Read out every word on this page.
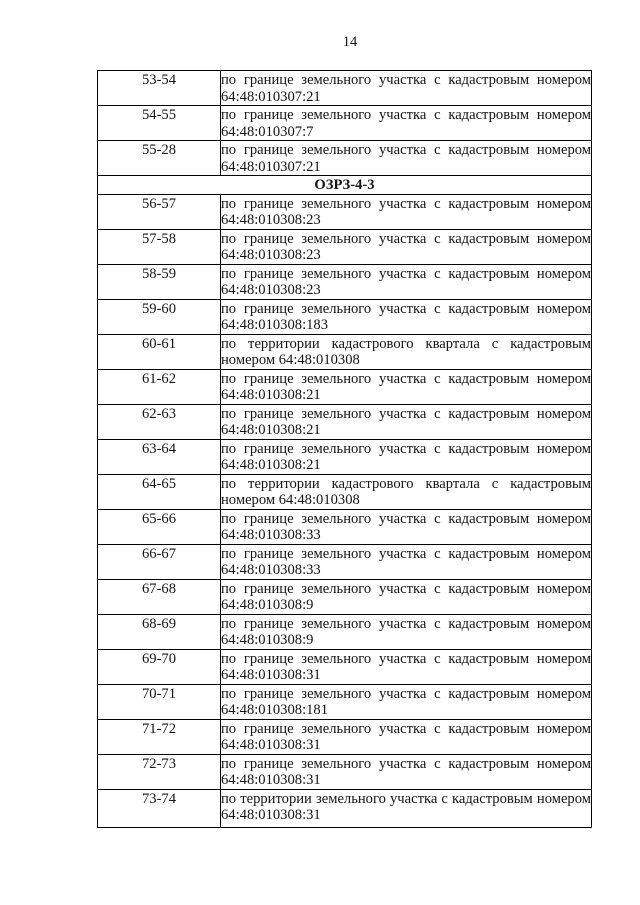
14
53-54	по границе земельного участка с кадастровым номером 64:48:010307:21
54-55	по границе земельного участка с кадастровым номером 64:48:010307:7
55-28	по границе земельного участка с кадастровым номером 64:48:010307:21
ОЗРЗ-4-3	
56-57	по границе земельного участка с кадастровым номером 64:48:010308:23
57-58	по границе земельного участка с кадастровым номером 64:48:010308:23
58-59	по границе земельного участка с кадастровым номером 64:48:010308:23
59-60	по границе земельного участка с кадастровым номером 64:48:010308:183
60-61	по территории кадастрового квартала с кадастровым номером 64:48:010308
61-62	по границе земельного участка с кадастровым номером 64:48:010308:21
62-63	по границе земельного участка с кадастровым номером 64:48:010308:21
63-64	по границе земельного участка с кадастровым номером 64:48:010308:21
64-65	по территории кадастрового квартала с кадастровым номером 64:48:010308
65-66	по границе земельного участка с кадастровым номером 64:48:010308:33
66-67	по границе земельного участка с кадастровым номером 64:48:010308:33
67-68	по границе земельного участка с кадастровым номером 64:48:010308:9
68-69	по границе земельного участка с кадастровым номером 64:48:010308:9
69-70	по границе земельного участка с кадастровым номером 64:48:010308:31
70-71	по границе земельного участка с кадастровым номером 64:48:010308:181
71-72	по границе земельного участка с кадастровым номером 64:48:010308:31
72-73	по границе земельного участка с кадастровым номером 64:48:010308:31
73-74	по территории земельного участка с кадастровым номером 64:48:010308:31
